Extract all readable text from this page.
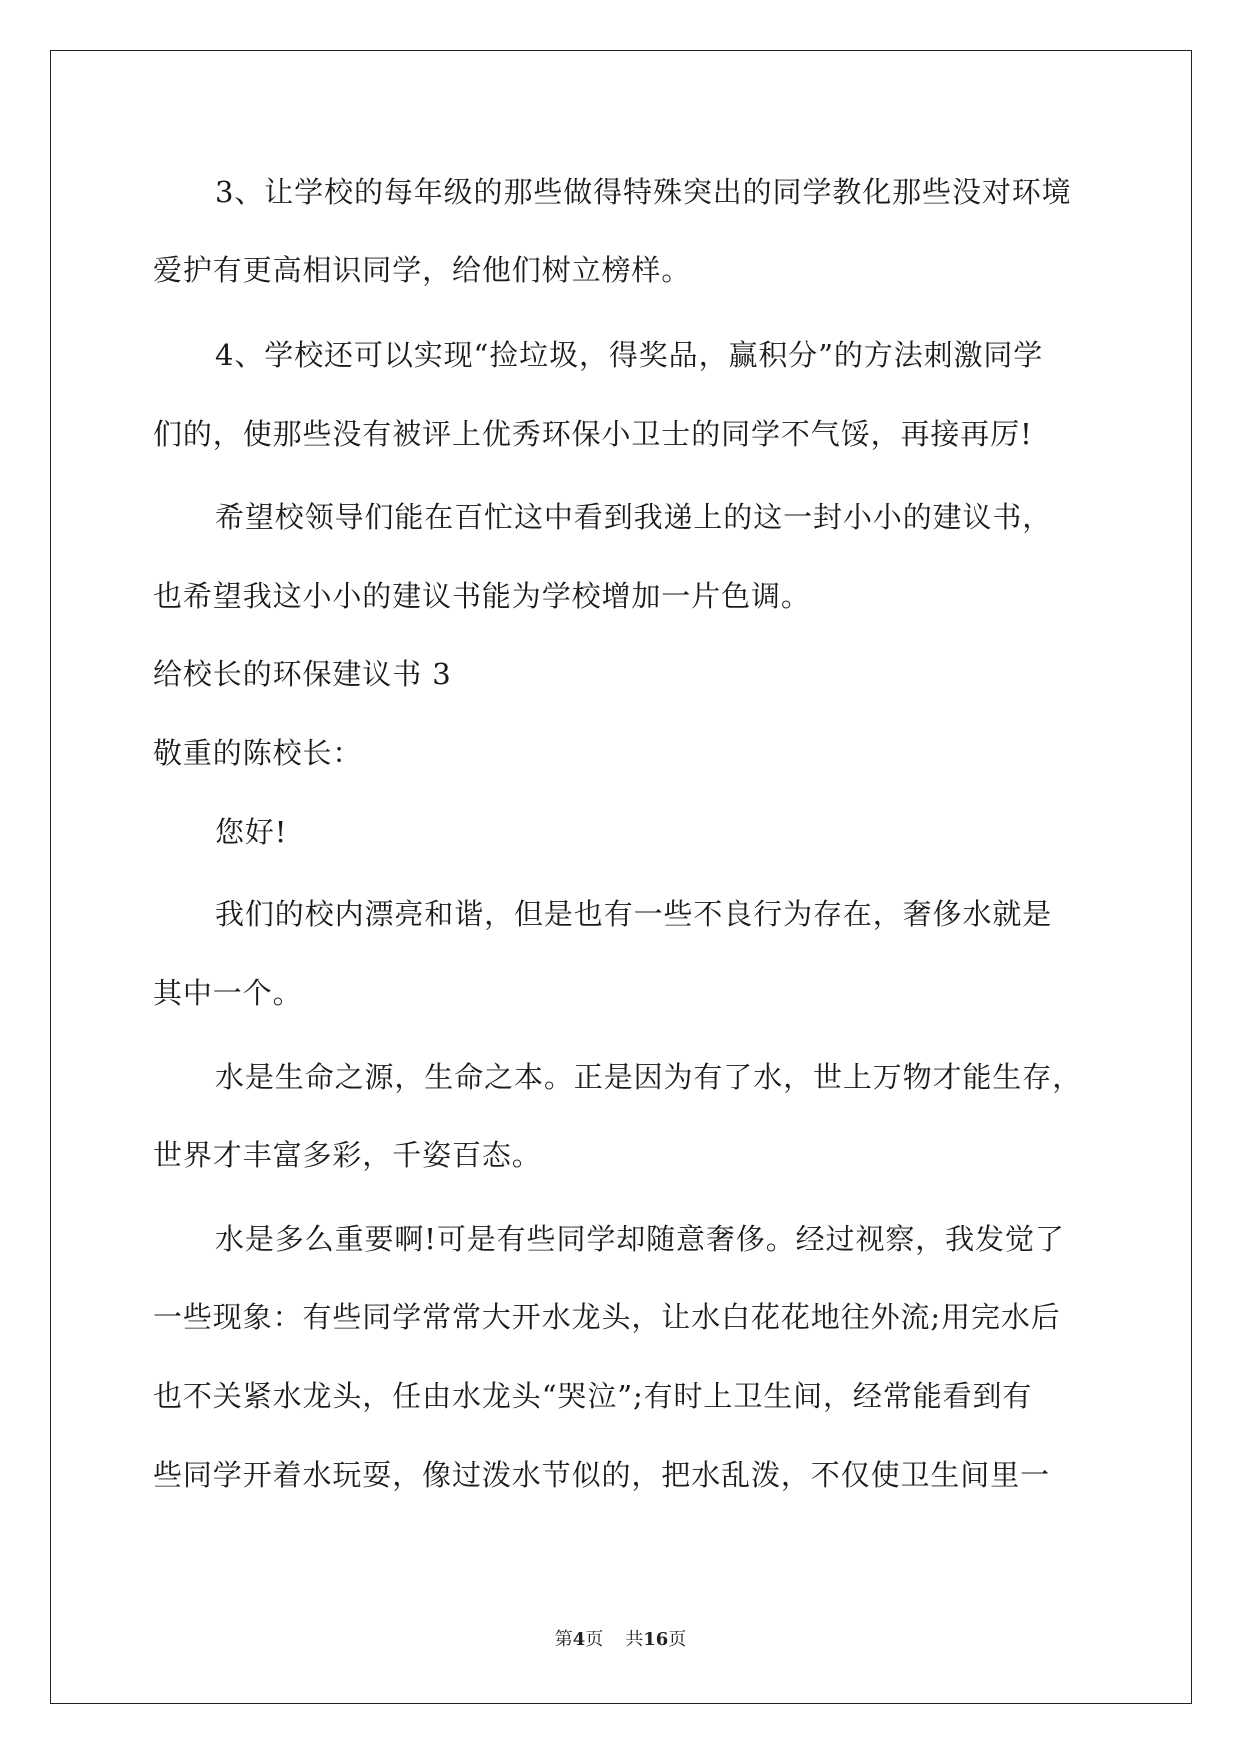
3、让学校的每年级的那些做得特殊突出的同学教化那些没对环境
爱护有更高相识同学，给他们树立榜样。
4、学校还可以实现“捡垃圾，得奖品，赢积分”的方法刺激同学
们的，使那些没有被评上优秀环保小卫士的同学不气馁，再接再厉!
希望校领导们能在百忙这中看到我递上的这一封小小的建议书，
也希望我这小小的建议书能为学校增加一片色调。
给校长的环保建议书 3
敬重的陈校长：
您好!
我们的校内漂亮和谐，但是也有一些不良行为存在，奢侈水就是
其中一个。
水是生命之源，生命之本。正是因为有了水，世上万物才能生存，
世界才丰富多彩，千姿百态。
水是多么重要啊!可是有些同学却随意奢侈。经过视察，我发觉了
一些现象：有些同学常常大开水龙头，让水白花花地往外流;用完水后
也不关紧水龙头，任由水龙头“哭泣”;有时上卫生间，经常能看到有
些同学开着水玩耍，像过泼水节似的，把水乱泼，不仅使卫生间里一
第4页 共16页
